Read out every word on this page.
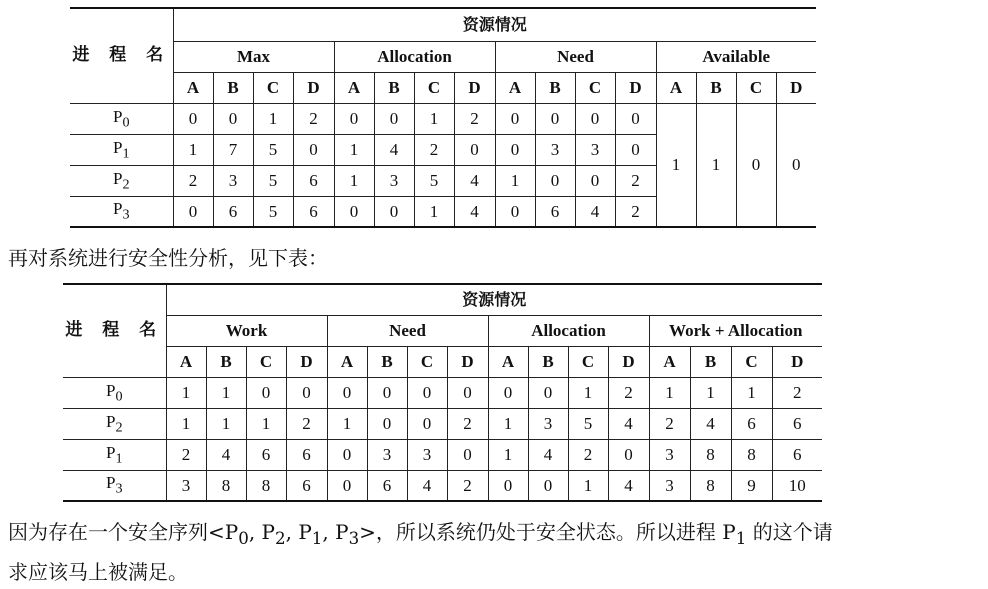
进 程 名	资源情况															
	Max				Allocation				Need				Available			
	A	B	C	D	A	B	C	D	A	B	C	D	A	B	C	D
$P_0$	0	0	1	2	0	0	1	2	0	0	0	0	1	1	0	0
$P_1$	1	7	5	0	1	4	2	0	0	3	3	0				
$P_2$	2	3	5	6	1	3	5	4	1	0	0	2				
$P_3$	0	6	5	6	0	0	1	4	0	6	4	2				
再对系统进行安全性分析，见下表：
进 程 名	资源情况															
	Work				Need				Allocation				Work + Allocation			
	A	B	C	D	A	B	C	D	A	B	C	D	A	B	C	D
$P_0$	1	1	0	0	0	0	0	0	0	0	1	2	1	1	1	2
$P_2$	1	1	1	2	1	0	0	2	1	3	5	4	2	4	6	6
$P_1$	2	4	6	6	0	3	3	0	1	4	2	0	3	8	8	6
$P_3$	3	8	8	6	0	6	4	2	0	0	1	4	3	8	9	10
因为存在一个安全序列$<P_0$, $P_2$, $P_1$, $P_3>$，所以系统仍处于安全状态。所以进程 $P_1$ 的这个请
求应该马上被满足。
